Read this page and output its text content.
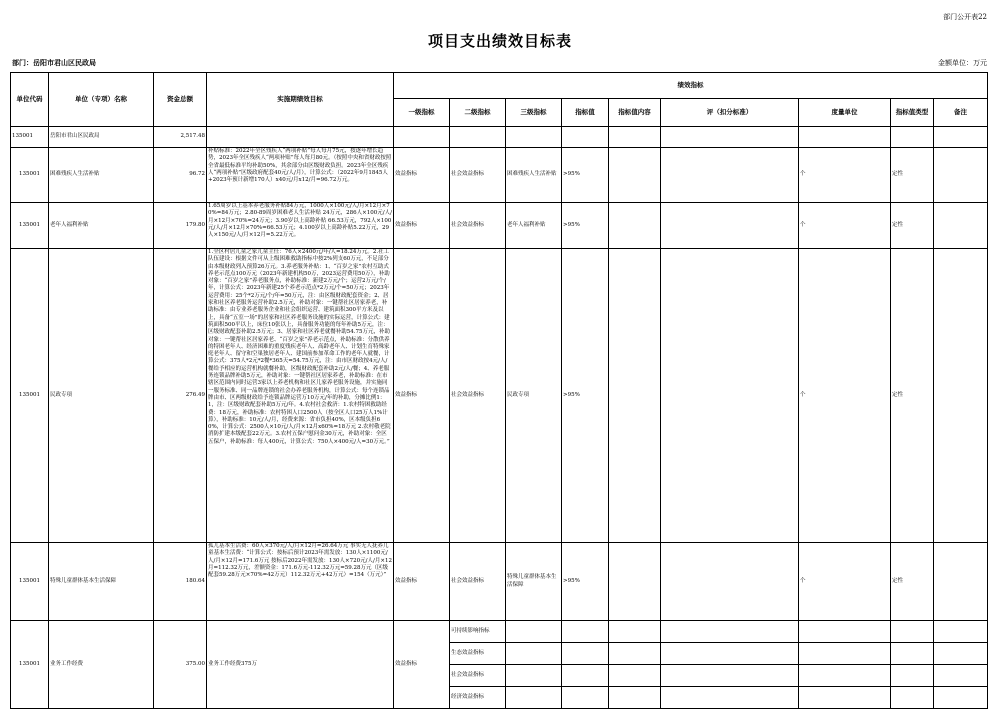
部门公开表22
项目支出绩效目标表
部门：岳阳市君山区民政局	金额单位：万元
单位代码	单位（专项）名称	资金总额	实施期绩效目标	绩效指标								
				一级指标	二级指标	三级指标	指标值	指标值内容	评（扣分标准）	度量单位	指标值类型	备注
135001	岳阳市君山区民政局	2,517.48										
135001	困难残疾人生活补贴	96.72	补贴标准：2022年全区残疾人“两项补贴”每人每月75元，按逐年增长趋势，2023年全区残疾人“两项补贴”每人每月80元。（按照中央和省财政按照全省最低标准平均补助50%，其余部分由区级财政负担。2023年全区残疾人“两项补贴”区级政府配套40元/人/月），计算公式：（2022年9月1845人+2023年预计新增170人）x40元/月x12/月=96.72万元。	效益指标	社会效益指标	困难残疾人生活补贴	>95%			个	定性	
135001	老年人福利补贴	179.80	1.65周岁以上基本养老服务补贴84万元，1000人×100元/人/月×12月×70%=84万元；2.80-89周岁困难老人生活补贴 24万元，286人×100元/人/月×12月×70%=24万元；3.90岁以上高龄补贴 66.53万元，792人×100元/人/月×12月×70%=66.53万元；4.100岁以上高龄补贴5.22万元，29人×150元/人/月×12月=5.22万元。	效益指标	社会效益指标	老年人福利补贴	>95%			个	定性	
135001	民政专项	276.49	1.全区村居儿童之家儿童主任：76人×2400元/年/人=18.24万元。2.社工队伍建设：根据文件可从上级困难救助指标中按2%列支60万元，不足部分由本级财政列入预算26万元。3.养老服务补贴：1、“百岁之家”农村互助式养老示范点100万元（2023年新建机构50万，2023运营费用50万），补助对象：“百岁之家”养老服务点，补助标准：新建2万元/个；运营2万元/个/年，计算公式：2023年新建25个养老示范点*2万元/个=50万元；2023年运营费用：25个*2万元/个/年=50万元，注：由区级财政配套资金；2、居家和社区养老服务运营补助2.5万元，补助对象：一键帮社区居家养老，补助标准：由专业养老服务企业和社会组织运营、建筑面积300平方米及以上，具备“五室一场”的居家和社区养老服务设施的实际运营，计算公式：建筑面积500平以上，床位10张以上，具备服务功能的每年补助5万元，注：区级财政配套补助2.5万元；3、居家和社区养老就餐补助54.75万元，补助对象：一键帮社区居家养老、“百岁之家”养老示范点，补助标准：分散供养的特困老年人、经济困难的重度残疾老年人、高龄老年人、计划生育特殊家庭老年人、留守和空巢独居老年人、建国前参加革命工作的老年人就餐，计算公式：375人*2元*2餐*365天=54.75万元，注：由市区财政按4元/人/餐给予相应的运营机构就餐补助，区级财政配套补助2元/人/餐；4、养老服务连锁品牌补助5万元，补助对象：一键帮社区居家养老，补助标准：在市辖区范围内同时运营3家以上养老机构和社区儿家养老服务设施，并实施同一服务标准、同一品牌连锁的社会办养老服务机构，计算公式：每个连锁品牌由市、区两级财政给予连锁品牌运营万10万元/年的补助，分摊比例1：1，注：区级财政配套补助5万元/年。4.农村社会救济：1.农村特困救助经费：18万元，补助标准：农村特困人口2500人（按全区人口25万人1%计算），补助标准：10元/人/月，经费来源：省市负担40%，区本级负担60%，计算公式：2500人×10元/人/月×12月x60%=18万元 2.农村敬老院消防扩建本级配套22万元。3.农村五保户慰问金30万元，补助对象：全区五保户，补助标准：每人400元，计算公式：750人×400元/人=30万元。”	效益指标	社会效益指标	民政专项	>95%			个	定性	
135001	特殊儿童群体基本生活保障	180.64	孤儿基本生活费：60人×370元/人/月×12月=26.64万元 事实无人抚养儿童基本生活费：“计算公式：按标后预计2023年需发放：130人×1100元/人/月×12月=171.6万元 按标后2022年需发放：130人×720元/人/月×12月=112.32万元，差额资金：171.6万元-112.32万元=59.28万元（区级配套59.28万元×70%=42万元）112.32万元+42万元）=154（万元）”	效益指标	社会效益指标	特殊儿童群体基本生活保障	>95%			个	定性	
135001	业务工作经费	375.00	业务工作经费375万	效益指标	可持续影响指标							
					生态效益指标							
					社会效益指标							
					经济效益指标							
